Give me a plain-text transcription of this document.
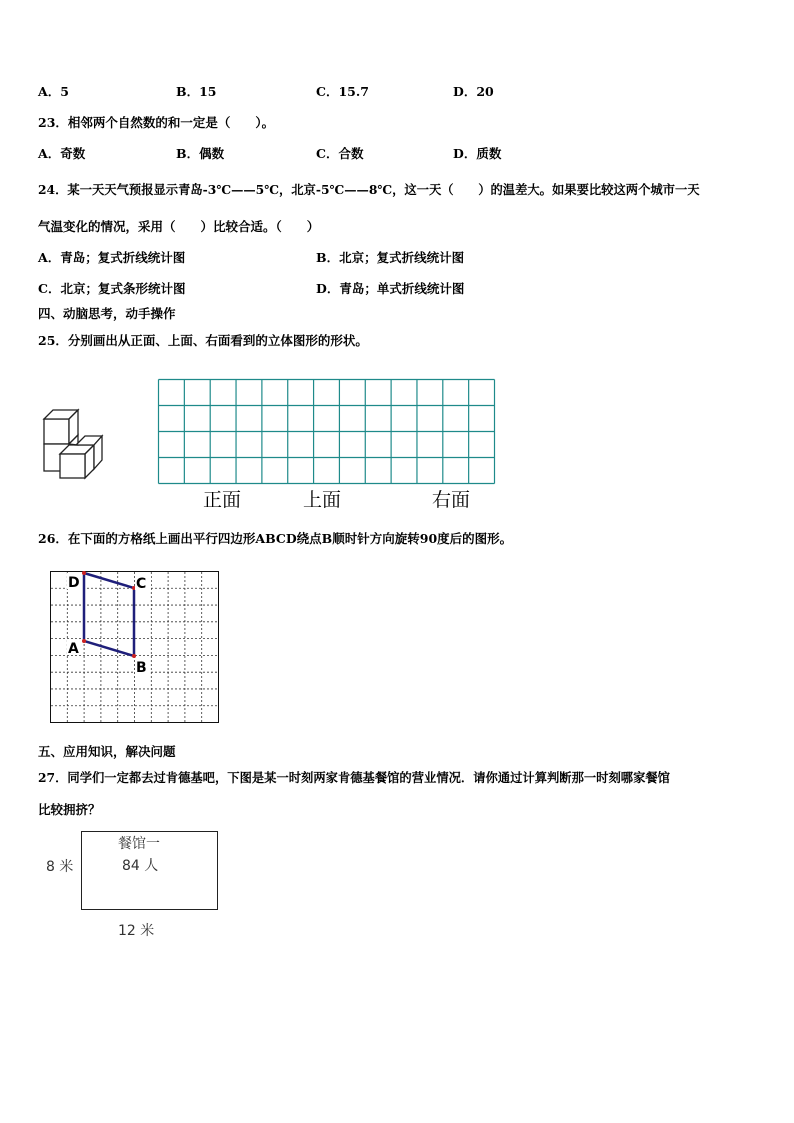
A．5	B．15	C．15.7	D．20
23．相邻两个自然数的和一定是（　　）。
A．奇数	B．偶数	C．合数	D．质数
24．某一天天气预报显示青岛-3℃——5℃，北京-5℃——8℃，这一天（　　）的温差大。如果要比较这两个城市一天
气温变化的情况，采用（　　）比较合适。（　　）
A．青岛；复式折线统计图	B．北京；复式折线统计图
C．北京；复式条形统计图	D．青岛；单式折线统计图
四、动脑思考，动手操作
25．分别画出从正面、上面、右面看到的立体图形的形状。
正面	上面	右面
26．在下面的方格纸上画出平行四边形ABCD绕点B顺时针方向旋转90度后的图形。
D	C
A
B
五、应用知识，解决问题
27．同学们一定都去过肯德基吧，下图是某一时刻两家肯德基餐馆的营业情况．请你通过计算判断那一时刻哪家餐馆
比较拥挤？
餐馆一
84 人
8 米
12 米
